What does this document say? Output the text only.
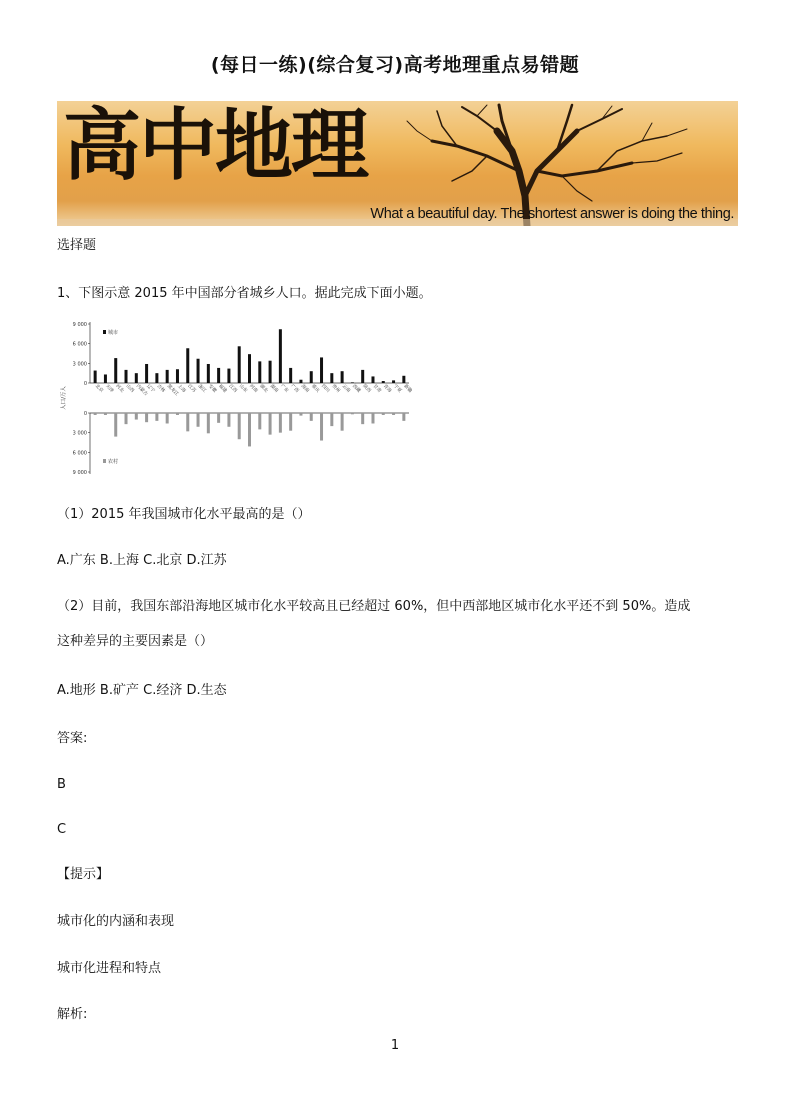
(每日一练)(综合复习)高考地理重点易错题
高中地理
What a beautiful day. The shortest answer is doing the thing.
选择题
1、下图示意 2015 年中国部分省城乡人口。据此完成下面小题。
9 000
6 000
3 000
0
0
3 000
6 000
9 000
人口/万人	北京 天津 河北 山西 内蒙古
辽宁 吉林 黑龙江
上海 江苏 浙江 安徽 福建 江西 山东 河南 湖北 湖南 广东 广西 海南 重庆 四川 贵州 云南 西藏 陕西 甘肃 青海 宁夏 新疆
城市
农村
（1）2015 年我国城市化水平最高的是（）
A.广东 B.上海 C.北京 D.江苏
（2）目前，我国东部沿海地区城市化水平较高且已经超过 60%，但中西部地区城市化水平还不到 50%。造成
这种差异的主要因素是（）
A.地形 B.矿产 C.经济 D.生态
答案:
B
C
【提示】
城市化的内涵和表现
城市化进程和特点
解析:
1
